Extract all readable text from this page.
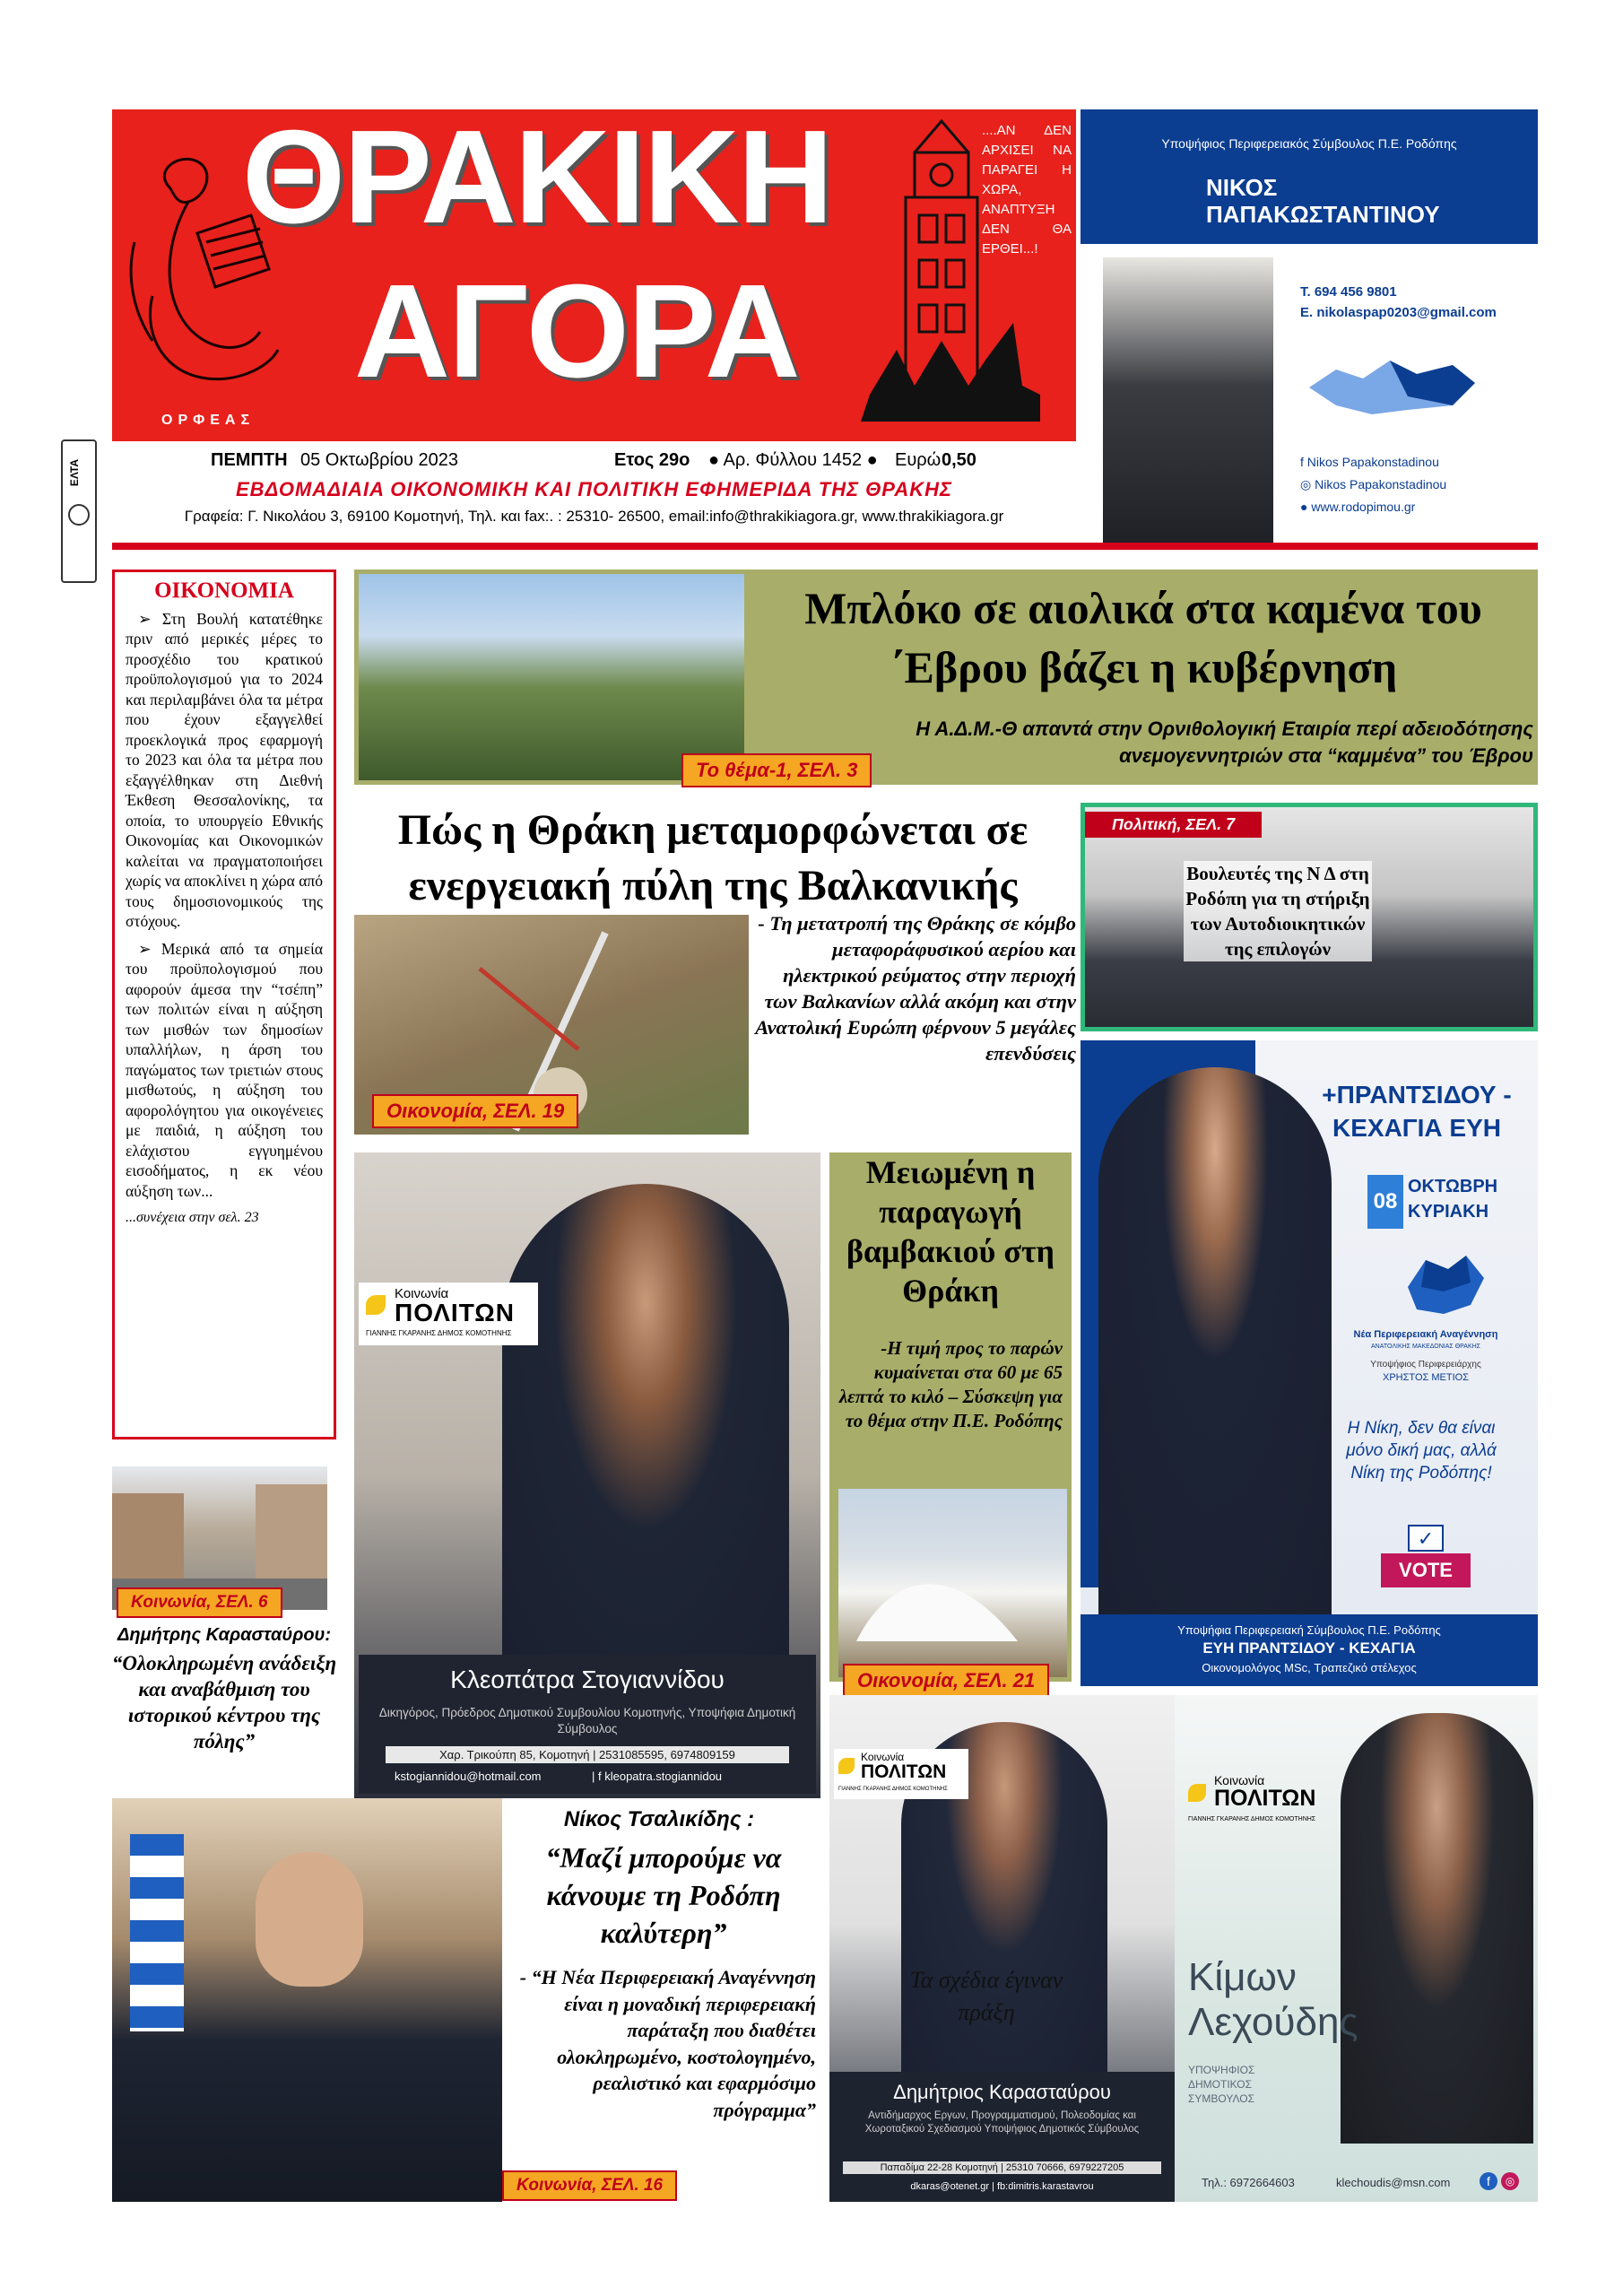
ΟΡΦΕΑΣ
ΘΡΑΚΙΚΗ
ΑΓΟΡΑ
....ΑΝ ΔΕΝ ΑΡΧΙΣΕΙ ΝΑ ΠΑΡΑΓΕΙ Η ΧΩΡΑ, ΑΝΑΠΤΥΞΗ ΔΕΝ ΘΑ ΕΡΘΕΙ...!
ΠΕΜΠΤΗ 05 Οκτωβρίου 2023	Ετος 29ο ● Αρ. Φύλλου 1452 ● Ευρώ 0,50
ΕΒΔΟΜΑΔΙΑΙΑ ΟΙΚΟΝΟΜΙΚΗ ΚΑΙ ΠΟΛΙΤΙΚΗ ΕΦΗΜΕΡΙΔΑ ΤΗΣ ΘΡΑΚΗΣ
Γραφεία: Γ. Νικολάου 3, 69100 Κομοτηνή, Τηλ. και fax:. : 25310- 26500, email:info@thrakikiagora.gr, www.thrakikiagora.gr
ΕΛΤΑ
Υποψήφιος Περιφερειακός Σύμβουλος Π.Ε. Ροδόπης
ΝΙΚΟΣ
ΠΑΠΑΚΩΣΤΑΝΤΙΝΟΥ
T. 694 456 9801
E. nikolaspap0203@gmail.com
f Nikos Papakonstadinou
◎ Nikos Papakonstadinou
● www.rodopimou.gr
ΟΙΚΟΝΟΜΙΑ

➢ Στη Βουλή κατατέθηκε πριν από μερικές μέρες το προσχέδιο του κρατικού προϋπολογισμού για το 2024 και περιλαμβάνει όλα τα μέτρα που έχουν εξαγγελθεί προεκλογικά προς εφαρμογή το 2023 και όλα τα μέτρα που εξαγγέλθηκαν στη Διεθνή Έκθεση Θεσσαλονίκης, τα οποία, το υπουργείο Εθνικής Οικονομίας και Οικονομικών καλείται να πραγματοποιήσει χωρίς να αποκλίνει η χώρα από τους δημοσιονομικούς της στόχους.

➢ Μερικά από τα σημεία του προϋπολογισμού που αφορούν άμεσα την “τσέπη” των πολιτών είναι η αύξηση των μισθών των δημοσίων υπαλλήλων, η άρση του παγώματος των τριετιών στους μισθωτούς, η αύξηση του αφορολόγητου για οικογένειες με παιδιά, η αύξηση του ελάχιστου εγγυημένου εισοδήματος, η εκ νέου αύξηση των...

...συνέχεια στην σελ. 23
Το θέμα-1, ΣΕΛ. 3
Μπλόκο σε αιολικά στα καμένα του ΄Εβρου βάζει η κυβέρνηση
Η Α.Δ.Μ.-Θ απαντά στην Ορνιθολογική Εταιρία περί αδειοδότησης ανεμογεννητριών στα “καμμένα” του Έβρου
Πώς η Θράκη μεταμορφώνεται σε ενεργειακή πύλη της Βαλκανικής
Οικονομία, ΣΕΛ. 19
- Τη μετατροπή της Θράκης σε κόμβο μεταφοράφυσικού αερίου και ηλεκτρικού ρεύματος στην περιοχή των Βαλκανίων αλλά ακόμη και στην Ανατολική Ευρώπη φέρνουν 5 μεγάλες επενδύσεις
Πολιτική, ΣΕΛ. 7
Βουλευτές της Ν Δ στη Ροδόπη για τη στήριξη των Αυτοδιοικητικών της επιλογών
Κοινωνία
ΠΟΛΙΤΩΝ
ΓΙΑΝΝΗΣ ΓΚΑΡΑΝΗΣ ΔΗΜΟΣ ΚΟΜΟΤΗΝΗΣ
Κλεοπάτρα Στογιαννίδου
Δικηγόρος, Πρόεδρος Δημοτικού Συμβουλίου Κομοτηνής, Υποψήφια Δημοτική Σύμβουλος
Χαρ. Τρικούπη 85, Κομοτηνή | 2531085595, 6974809159
kstogiannidou@hotmail.com	| f kleopatra.stogiannidou
Μειωμένη η παραγωγή βαμβακιού στη Θράκη
-Η τιμή προς το παρών κυμαίνεται στα 60 με 65 λεπτά το κιλό – Σύσκεψη για το θέμα στην Π.Ε. Ροδόπης
Οικονομία, ΣΕΛ. 21
+ΠΡΑΝΤΣΙΔΟΥ -
ΚΕΧΑΓΙΑ ΕΥΗ
08
ΟΚΤΩΒΡΗ
ΚΥΡΙΑΚΗ
Νέα Περιφερειακή Αναγέννηση
ΑΝΑΤΟΛΙΚΗΣ ΜΑΚΕΔΟΝΙΑΣ ΘΡΑΚΗΣ
Υποψήφιος Περιφερειάρχης
ΧΡΗΣΤΟΣ ΜΕΤΙΟΣ
Η Νίκη, δεν θα είναι μόνο δική μας, αλλά Νίκη της Ροδόπης!
✓
VOTE
Υποψήφια Περιφερειακή Σύμβουλος Π.Ε. Ροδόπης
ΕΥΗ ΠΡΑΝΤΣΙΔΟΥ - ΚΕΧΑΓΙΑ
Οικονομολόγος MSc, Τραπεζικό στέλεχος
Κοινωνία, ΣΕΛ. 6
Δημήτρης Καρασταύρου:
“Ολοκληρωμένη ανάδειξη και αναβάθμιση του ιστορικού κέντρου της πόλης”
Νίκος Τσαλικίδης :
“Μαζί μπορούμε να κάνουμε τη Ροδόπη καλύτερη”
- “Η Νέα Περιφερειακή Αναγέννηση είναι η μοναδική περιφερειακή παράταξη που διαθέτει ολοκληρωμένο, κοστολογημένο, ρεαλιστικό και εφαρμόσιμο πρόγραμμα”
Κοινωνία, ΣΕΛ. 16
Κοινωνία
ΠΟΛΙΤΩΝ
ΓΙΑΝΝΗΣ ΓΚΑΡΑΝΗΣ ΔΗΜΟΣ ΚΟΜΟΤΗΝΗΣ
Τα σχέδια έγιναν πράξη
Δημήτριος Καρασταύρου
Αντιδήμαρχος Εργων, Προγραμματισμού, Πολεοδομίας και Χωροταξικού Σχεδιασμού Υποψήφιος Δημοτικός Σύμβουλος
Παπαδίμα 22-28 Κομοτηνή | 25310 70666, 6979227205
dkaras@otenet.gr | fb:dimitris.karastavrou
Κοινωνία
ΠΟΛΙΤΩΝ
ΓΙΑΝΝΗΣ ΓΚΑΡΑΝΗΣ ΔΗΜΟΣ ΚΟΜΟΤΗΝΗΣ
Κίμων
Λεχούδης
ΥΠΟΨΗΦΙΟΣ ΔΗΜΟΤΙΚΟΣ ΣΥΜΒΟΥΛΟΣ
Τηλ.: 6972664603	klechoudis@msn.com	f	◎
